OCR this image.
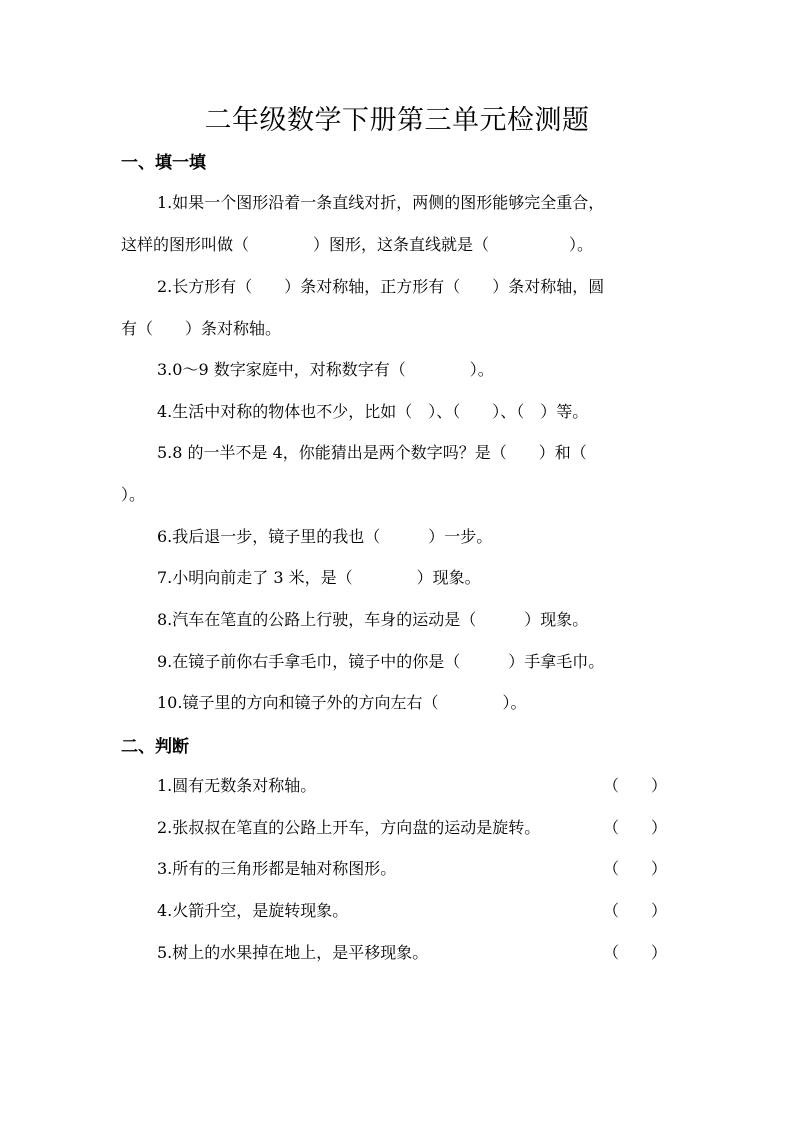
二年级数学下册第三单元检测题
一、填一填
1.如果一个图形沿着一条直线对折，两侧的图形能够完全重合，
这样的图形叫做（　　　　）图形，这条直线就是（　　　　　）。
2.长方形有（　　）条对称轴，正方形有（　　）条对称轴，圆
有（　　）条对称轴。
3.0～9 数字家庭中，对称数字有（　　　　）。
4.生活中对称的物体也不少，比如（　）、（　　）、（　）等。
5.8 的一半不是 4，你能猜出是两个数字吗？是（　　）和（
）。
6.我后退一步，镜子里的我也（　　　）一步。
7.小明向前走了 3 米，是（　　　　）现象。
8.汽车在笔直的公路上行驶，车身的运动是（　　　）现象。
9.在镜子前你右手拿毛巾，镜子中的你是（　　　）手拿毛巾。
10.镜子里的方向和镜子外的方向左右（　　　　）。
二、判断
1.圆有无数条对称轴。	（　　）
2.张叔叔在笔直的公路上开车，方向盘的运动是旋转。	（　　）
3.所有的三角形都是轴对称图形。	（　　）
4.火箭升空，是旋转现象。	（　　）
5.树上的水果掉在地上，是平移现象。	（　　）
